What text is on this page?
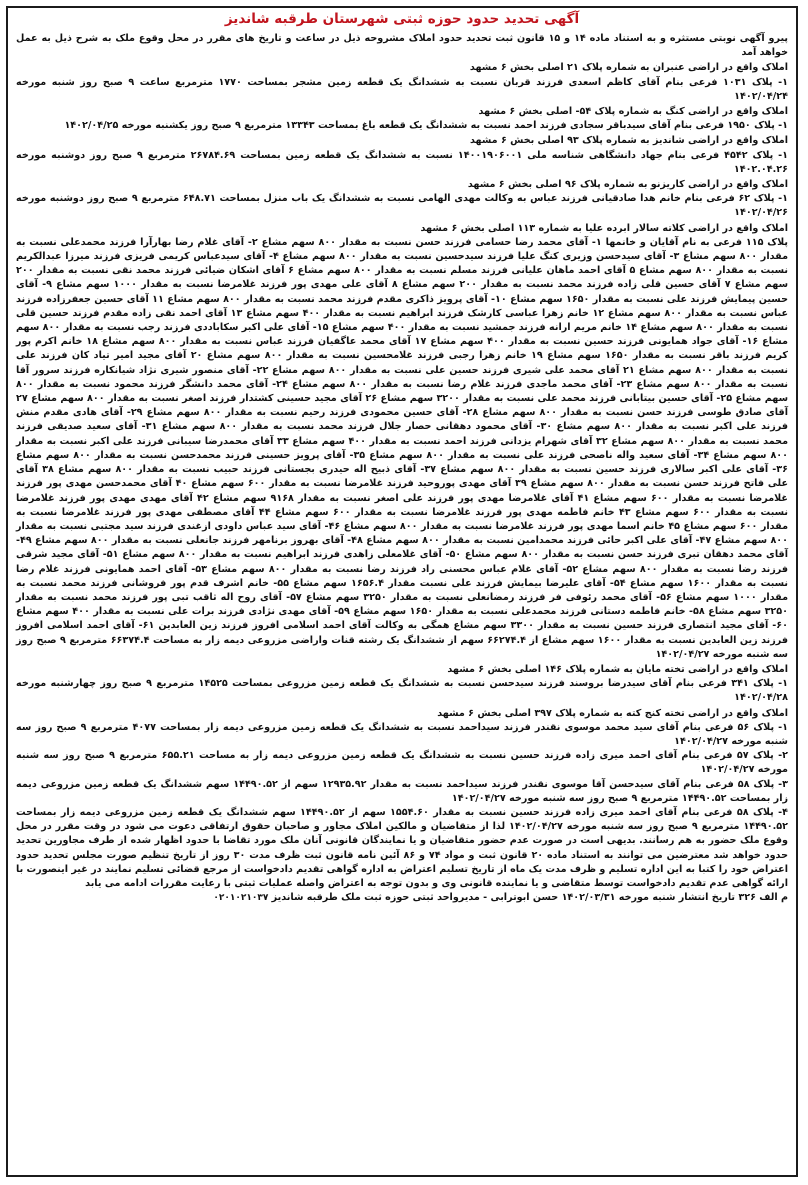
آگهی تحدید حدود حوزه ثبتی شهرستان طرقبه شاندیز

پیرو آگهی نوبتی مستثره و به استناد ماده ۱۴ و ۱۵ قانون ثبت تحدید حدود املاک مشروحه ذیل در ساعت و تاریخ های مقرر در محل وقوع ملک به شرح ذیل به عمل خواهد آمد

املاک واقع در اراضی عنبران به شماره پلاک ۲۱ اصلی بخش ۶ مشهد

۱- پلاک ۱۰۳۱ فرعی بنام آقای کاظم اسعدی فرزند قربان نسبت به ششدانگ یک قطعه زمین مشجر بمساحت ۱۷۷۰ مترمربع ساعت ۹ صبح روز شنبه مورخه ۱۴۰۲/۰۴/۲۴

املاک واقع در اراضی کنگ به شماره پلاک ۵۴- اصلی بخش ۶ مشهد

۱- پلاک ۱۹۵۰ فرعی بنام آقای سیدباقر سجادی فرزند احمد نسبت به ششدانگ یک قطعه باغ بمساحت ۱۳۳۴۳ مترمربع ۹ صبح روز یکشنبه مورخه ۱۴۰۲/۰۴/۲۵

املاک واقع در اراضی شاندیز به شماره پلاک ۹۳ اصلی بخش ۶ مشهد

۱- پلاک ۴۵۴۲ فرعی بنام جهاد دانشگاهی شناسه ملی ۱۴۰۰۱۹۰۶۰۰۱ نسبت به ششدانگ یک قطعه زمین بمساحت ۲۶۷۸۴.۶۹ مترمربع ۹ صبح روز دوشنبه مورخه ۱۴۰۲.۰۴.۲۶

املاک واقع در اراضی کاریزنو به شماره پلاک ۹۶ اصلی بخش ۶ مشهد

۱- پلاک ۶۲ فرعی بنام خانم هدا صادقیانی فرزند عباس به وکالت مهدی الهامی نسبت به ششدانگ یک باب منزل بمساحت ۶۴۸.۷۱ مترمربع ۹ صبح روز دوشنبه مورخه ۱۴۰۲/۰۴/۲۶

املاک واقع در اراضی کلاته سالار ابرده علیا به شماره ۱۱۳ اصلی بخش ۶ مشهد

پلاک ۱۱۵ فرعی به نام آقایان و خانمها ۱- آقای محمد رضا حسامی فرزند حسن نسبت به مقدار ۸۰۰ سهم مشاع ۲- آقای غلام رضا بهارآرا فرزند محمدعلی نسبت به مقدار ۸۰۰ سهم مشاع ۳- آقای سیدحسن وزیری کنگ علیا فرزند سیدحسین نسبت به مقدار ۸۰۰ سهم مشاع ۴- آقای سیدعباس کریمی فریزی فرزند میرزا عبدالکریم نسبت به مقدار ۸۰۰ سهم مشاع ۵ آقای احمد ماهان علیانی فرزند مسلم نسبت به مقدار ۸۰۰ سهم مشاع ۶ آقای اشکان ضیائی فرزند محمد نقی نسبت به مقدار ۲۰۰ سهم مشاع ۷ آقای حسین قلی زاده فرزند محمد نسبت به مقدار ۲۰۰ سهم مشاع ۸ آقای علی مهدی پور فرزند غلامرضا نسبت به مقدار ۱۰۰۰ سهم مشاع ۹- آقای حسین پیمایش فرزند علی نسبت به مقدار ۱۶۵۰ سهم مشاع ۱۰- آقای پرویز ذاکری مقدم فرزند محمد نسبت به مقدار ۸۰۰ سهم مشاع ۱۱ آقای حسین جعفرزاده فرزند عباس نسبت به مقدار ۸۰۰ سهم مشاع ۱۲ خانم زهرا عباسی کارشک فرزند ابراهیم نسبت به مقدار ۴۰۰ سهم مشاع ۱۳ آقای احمد نقی زاده مقدم فرزند حسین قلی نسبت به مقدار ۸۰۰ سهم مشاع ۱۴ خانم مریم ارانه فرزند جمشید نسبت به مقدار ۴۰۰ سهم مشاع ۱۵- آقای علی اکبر سکاباددی فرزند رجب نسبت به مقدار ۸۰۰ سهم مشاع ۱۶- آقای جواد همایونی فرزند حسین نسبت به مقدار ۴۰۰ سهم مشاع ۱۷ آقای محمد عاگفیان فرزند عباس نسبت به مقدار ۸۰۰ سهم مشاع ۱۸ خانم اکرم پور کریم فرزند باقر نسبت به مقدار ۱۶۵۰ سهم مشاع ۱۹ خانم زهرا رجبی فرزند غلامحسین نسبت به مقدار ۸۰۰ سهم مشاع ۲۰ آقای مجید امیر تیاد کان فرزند علی نسبت به مقدار ۸۰۰ سهم مشاع ۲۱ آقای محمد علی شیری فرزند حسین علی نسبت به مقدار ۸۰۰ سهم مشاع ۲۲- آقای منصور شیری نژاد شیانکاره فرزند سرور آقا نسبت به مقدار ۸۰۰ سهم مشاع ۲۳- آقای محمد ماجدی فرزند غلام رضا نسبت به مقدار ۸۰۰ سهم مشاع ۲۴- آقای محمد دانشگر فرزند محمود نسبت به مقدار ۸۰۰ سهم مشاع ۲۵- آقای حسین بیتابانی فرزند محمد علی نسبت به مقدار ۳۲۰۰ سهم مشاع ۲۶ آقای مجید حسینی کشتدار فرزند اصغر نسبت به مقدار ۸۰۰ سهم مشاع ۲۷ آقای صادق طوسی فرزند حسن نسبت به مقدار ۸۰۰ سهم مشاع ۲۸- آقای حسین محمودی فرزند رحیم نسبت به مقدار ۸۰۰ سهم مشاع ۲۹- آقای هادی مقدم منش فرزند علی اکبر نسبت به مقدار ۸۰۰ سهم مشاع ۳۰- آقای محمود دهقانی حصار جلال فرزند محمد نسبت به مقدار ۸۰۰ سهم مشاع ۳۱- آقای سعید صدیقی فرزند محمد نسبت به مقدار ۸۰۰ سهم مشاع ۳۲ آقای شهرام یزدانی فرزند احمد نسبت به مقدار ۴۰۰ سهم مشاع ۳۳ آقای محمدرضا سیبانی فرزند علی اکبر نسبت به مقدار ۸۰۰ سهم مشاع ۳۴- آقای سعید واله ناصحی فرزند علی نسبت به مقدار ۸۰۰ سهم مشاع ۳۵- آقای پرویز حسینی فرزند محمدحسن نسبت به مقدار ۸۰۰ سهم مشاع ۳۶- آقای علی اکبر سالاری فرزند حسین نسبت به مقدار ۸۰۰ سهم مشاع ۳۷- آقای ذبیح اله حیدری بجستانی فرزند حبیب نسبت به مقدار ۸۰۰ سهم مشاع ۳۸ آقای علی فاتح فرزند حسن نسبت به مقدار ۸۰۰ سهم مشاع ۳۹ آقای مهدی پوروحید فرزند غلامرضا نسبت به مقدار ۶۰۰ سهم مشاع ۴۰ آقای محمدحسن مهدی پور فرزند غلامرضا نسبت به مقدار ۶۰۰ سهم مشاع ۴۱ آقای غلامرضا مهدی پور فرزند علی اصغر نسبت به مقدار ۹۱۶۸ سهم مشاع ۴۲ آقای مهدی مهدی پور فرزند غلامرضا نسبت به مقدار ۶۰۰ سهم مشاع ۴۳ خانم فاطمه مهدی پور فرزند غلامرضا نسبت به مقدار ۶۰۰ سهم مشاع ۴۴ آقای مصطفی مهدی پور فرزند غلامرضا نسبت به مقدار ۶۰۰ سهم مشاع ۴۵ خانم اسما مهدی پور فرزند غلامرضا نسبت به مقدار ۸۰۰ سهم مشاع ۴۶- آقای سید عباس داودی ازغندی فرزند سید مجتبی نسبت به مقدار ۸۰۰ سهم مشاع ۴۷- آقای علی اکبر حائی فرزند محمدامین نسبت به مقدار ۸۰۰ سهم مشاع ۴۸- آقای بهروز برنامهر فرزند جانعلی نسبت به مقدار ۸۰۰ سهم مشاع ۴۹- آقای محمد دهقان تبری فرزند حسن نسبت به مقدار ۸۰۰ سهم مشاع ۵۰- آقای غلامعلی زاهدی فرزند ابراهیم نسبت به مقدار ۸۰۰ سهم مشاع ۵۱- آقای مجید شرقی فرزند رضا نسبت به مقدار ۸۰۰ سهم مشاع ۵۲- آقای غلام عباس محسنی راد فرزند رضا نسبت به مقدار ۸۰۰ سهم مشاع ۵۳- آقای احمد همایونی فرزند غلام رضا نسبت به مقدار ۱۶۰۰ سهم مشاع ۵۴- آقای علیرضا بیمایش فرزند علی نسبت مقدار ۱۶۵۶.۴ سهم مشاع ۵۵- خانم اشرف قدم پور فروشانی فرزند محمد نسبت به مقدار ۱۰۰۰ سهم مشاع ۵۶- آقای محمد رئوفی فر فرزند رمضانعلی نسبت به مقدار ۳۲۵۰ سهم مشاع ۵۷- آقای روح اله ثاقب تبی پور فرزند محمد نسبت به مقدار ۳۲۵۰ سهم مشاع ۵۸- خانم فاطمه دستانی فرزند محمدعلی نسبت به مقدار ۱۶۵۰ سهم مشاع ۵۹- آقای مهدی نژادی فرزند برات علی نسبت به مقدار ۴۰۰ سهم مشاع ۶۰- آقای مجید انتصاری فرزند حسین نسبت به مقدار ۳۳۰۰ سهم مشاع همگی به وکالت آقای احمد اسلامی افروز فرزند زین العابدین ۶۱- آقای احمد اسلامی افروز فرزند زین العابدین نسبت به مقدار ۱۶۰۰ سهم مشاع از ۶۶۲۷۴.۴ سهم از ششدانگ یک رشته قنات واراضی مزروعی دیمه زار به مساحت ۶۶۳۷۴.۴ مترمربع ۹ صبح روز سه شنبه مورخه ۱۴۰۲/۰۴/۲۷

املاک واقع در اراضی تخته مایان به شماره پلاک ۱۴۶ اصلی بخش ۶ مشهد

۱- پلاک ۳۴۱ فرعی بنام آقای سیدرضا بروسند فرزند سیدحسن نسبت به ششدانگ یک قطعه زمین مزروعی بمساحت ۱۴۵۲۵ مترمربع ۹ صبح روز چهارشنبه مورخه ۱۴۰۲/۰۴/۲۸

املاک واقع در اراضی تخته کنج کته به شماره پلاک ۳۹۷ اصلی بخش ۶ مشهد

۱- پلاک ۵۶ فرعی بنام آقای سید محمد موسوی نقندر فرزند سیداحمد نسبت به ششدانگ یک قطعه زمین مزروعی دیمه زار بمساحت ۴۰۷۷ مترمربع ۹ صبح روز سه شنبه مورخه ۱۴۰۲/۰۴/۲۷

۲- پلاک ۵۷ فرعی بنام آقای احمد میری زاده فرزند حسین نسبت به ششدانگ یک قطعه زمین مزروعی دیمه زار به مساحت ۶۵۵.۲۱ مترمربع ۹ صبح روز سه شنبه مورخه ۱۴۰۲/۰۴/۲۷

۳- پلاک ۵۸ فرعی بنام آقای سیدحسن آقا موسوی نقندر فرزند سیداحمد نسبت به مقدار ۱۲۹۳۵.۹۲ سهم از ۱۴۴۹۰.۵۲ سهم ششدانگ یک قطعه زمین مزروعی دیمه زار بمساحت ۱۴۴۹۰.۵۲ مترمربع ۹ صبح روز سه شنبه مورخه ۱۴۰۲/۰۴/۲۷

۴- پلاک ۵۸ فرعی بنام آقای احمد میری زاده فرزند حسین نسبت به مقدار ۱۵۵۴.۶۰ سهم از ۱۴۴۹۰.۵۲ سهم ششدانگ یک قطعه زمین مزروعی دیمه زار بمساحت ۱۴۴۹۰.۵۲ مترمربع ۹ صبح روز سه شنبه مورخه ۱۴۰۲/۰۴/۲۷ لذا از متقاضیان و مالکین املاک مجاور و صاحبان حقوق ارتفاقی دعوت می شود در وقت مقرر در محل وقوع ملک حضور به هم رسانند. بدیهی است در صورت عدم حضور متقاضیان و یا نمایندگان قانونی آنان ملک مورد تقاضا با حدود اظهار شده از طرف مجاورین تحدید حدود خواهد شد معترضین می توانند به استناد ماده ۲۰ قانون ثبت و مواد ۷۴ و ۸۶ آئین نامه قانون ثبت ظرف مدت ۳۰ روز از تاریخ تنظیم صورت مجلس تحدید حدود اعتراض خود را کتبا به این اداره تسلیم و ظرف مدت یک ماه از تاریخ تسلیم اعتراض به اداره گواهی تقدیم دادخواست از مرجع قضائی تسلیم نمایند در غیر اینصورت با ارائه گواهی عدم تقدیم دادخواست توسط متقاضی و یا نماینده قانونی وی و بدون توجه به اعتراض واصله عملیات ثبتی با رعایت مقررات ادامه می یابد

م الف ۳۲۶ تاریخ انتشار شنبه مورخه ۱۴۰۲/۰۳/۳۱ حسن ابوترابی - مدیرواحد ثبتی حوزه ثبت ملک طرقبه شاندیز ۰۲۰۱۰۲۱۰۳۷
